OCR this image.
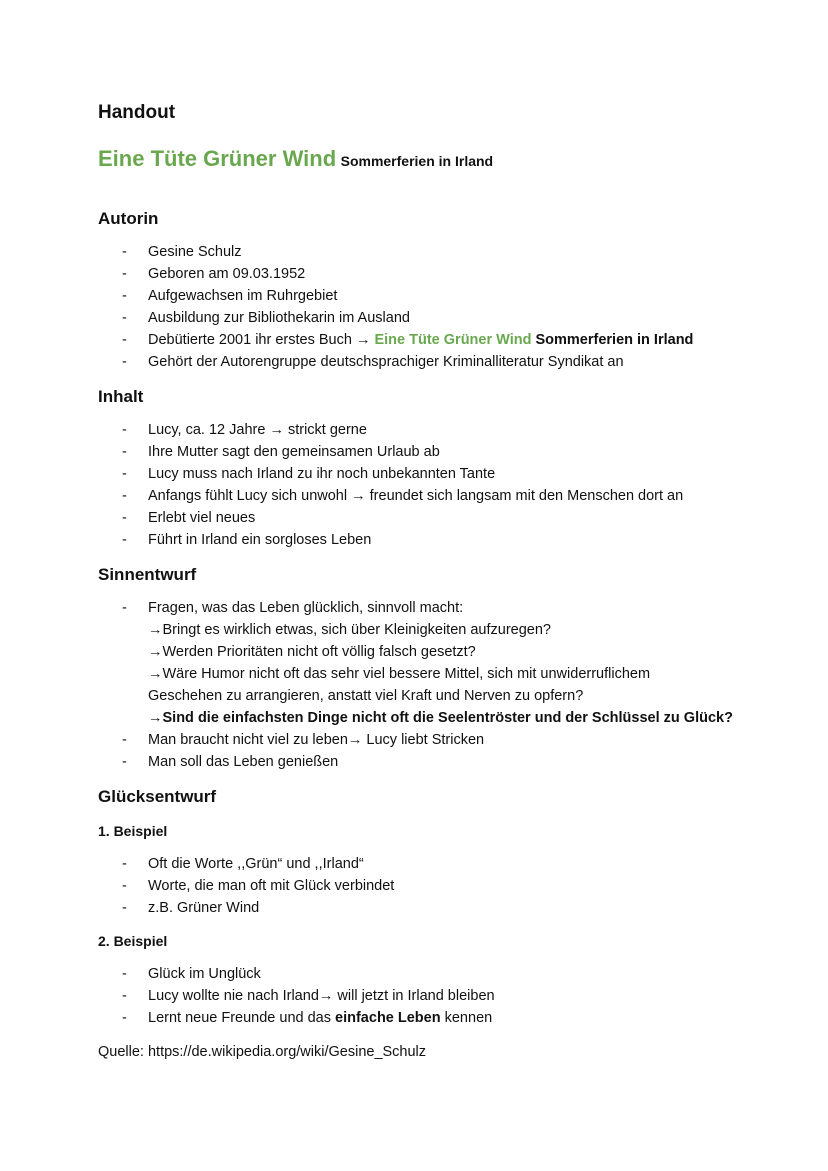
Handout

Eine Tüte Grüner Wind Sommerferien in Irland

Autorin
- Gesine Schulz
- Geboren am 09.03.1952
- Aufgewachsen im Ruhrgebiet
- Ausbildung zur Bibliothekarin im Ausland
- Debütierte 2001 ihr erstes Buch → Eine Tüte Grüner Wind Sommerferien in Irland
- Gehört der Autorengruppe deutschsprachiger Kriminalliteratur Syndikat an
Inhalt
- Lucy, ca. 12 Jahre → strickt gerne
- Ihre Mutter sagt den gemeinsamen Urlaub ab
- Lucy muss nach Irland zu ihr noch unbekannten Tante
- Anfangs fühlt Lucy sich unwohl → freundet sich langsam mit den Menschen dort an
- Erlebt viel neues
- Führt in Irland ein sorgloses Leben
Sinnentwurf
- Fragen, was das Leben glücklich, sinnvoll macht:
→Bringt es wirklich etwas, sich über Kleinigkeiten aufzuregen?
→Werden Prioritäten nicht oft völlig falsch gesetzt?
→Wäre Humor nicht oft das sehr viel bessere Mittel, sich mit unwiderruflichem
Geschehen zu arrangieren, anstatt viel Kraft und Nerven zu opfern?
→Sind die einfachsten Dinge nicht oft die Seelentröster und der Schlüssel zu Glück?
- Man braucht nicht viel zu leben→ Lucy liebt Stricken
- Man soll das Leben genießen
Glücksentwurf
1. Beispiel
- Oft die Worte ,,Grün“ und ,,Irland“
- Worte, die man oft mit Glück verbindet
- z.B. Grüner Wind
2. Beispiel
- Glück im Unglück
- Lucy wollte nie nach Irland→ will jetzt in Irland bleiben
- Lernt neue Freunde und das einfache Leben kennen

Quelle: https://de.wikipedia.org/wiki/Gesine_Schulz
